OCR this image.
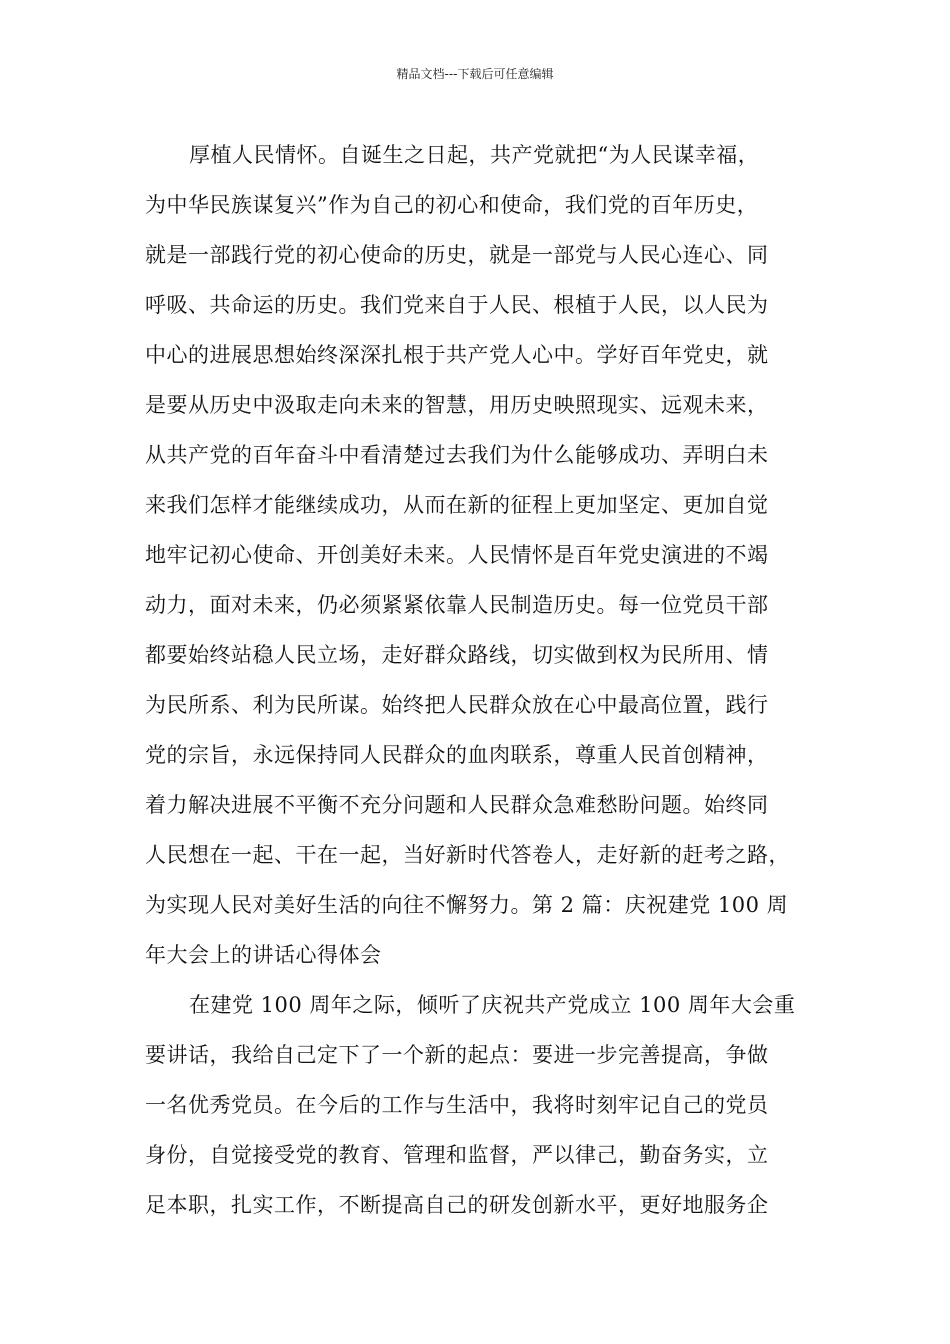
精品文档---下载后可任意编辑
厚植人民情怀。自诞生之日起，共产党就把“为人民谋幸福，
为中华民族谋复兴”作为自己的初心和使命，我们党的百年历史，
就是一部践行党的初心使命的历史，就是一部党与人民心连心、同
呼吸、共命运的历史。我们党来自于人民、根植于人民，以人民为
中心的进展思想始终深深扎根于共产党人心中。学好百年党史，就
是要从历史中汲取走向未来的智慧，用历史映照现实、远观未来，
从共产党的百年奋斗中看清楚过去我们为什么能够成功、弄明白未
来我们怎样才能继续成功，从而在新的征程上更加坚定、更加自觉
地牢记初心使命、开创美好未来。人民情怀是百年党史演进的不竭
动力，面对未来，仍必须紧紧依靠人民制造历史。每一位党员干部
都要始终站稳人民立场，走好群众路线，切实做到权为民所用、情
为民所系、利为民所谋。始终把人民群众放在心中最高位置，践行
党的宗旨，永远保持同人民群众的血肉联系，尊重人民首创精神，
着力解决进展不平衡不充分问题和人民群众急难愁盼问题。始终同
人民想在一起、干在一起，当好新时代答卷人，走好新的赶考之路，
为实现人民对美好生活的向往不懈努力。第 2 篇：庆祝建党 100 周
年大会上的讲话心得体会
在建党 100 周年之际，倾听了庆祝共产党成立 100 周年大会重
要讲话，我给自己定下了一个新的起点：要进一步完善提高，争做
一名优秀党员。在今后的工作与生活中，我将时刻牢记自己的党员
身份，自觉接受党的教育、管理和监督，严以律己，勤奋务实，立
足本职，扎实工作，不断提高自己的研发创新水平，更好地服务企
